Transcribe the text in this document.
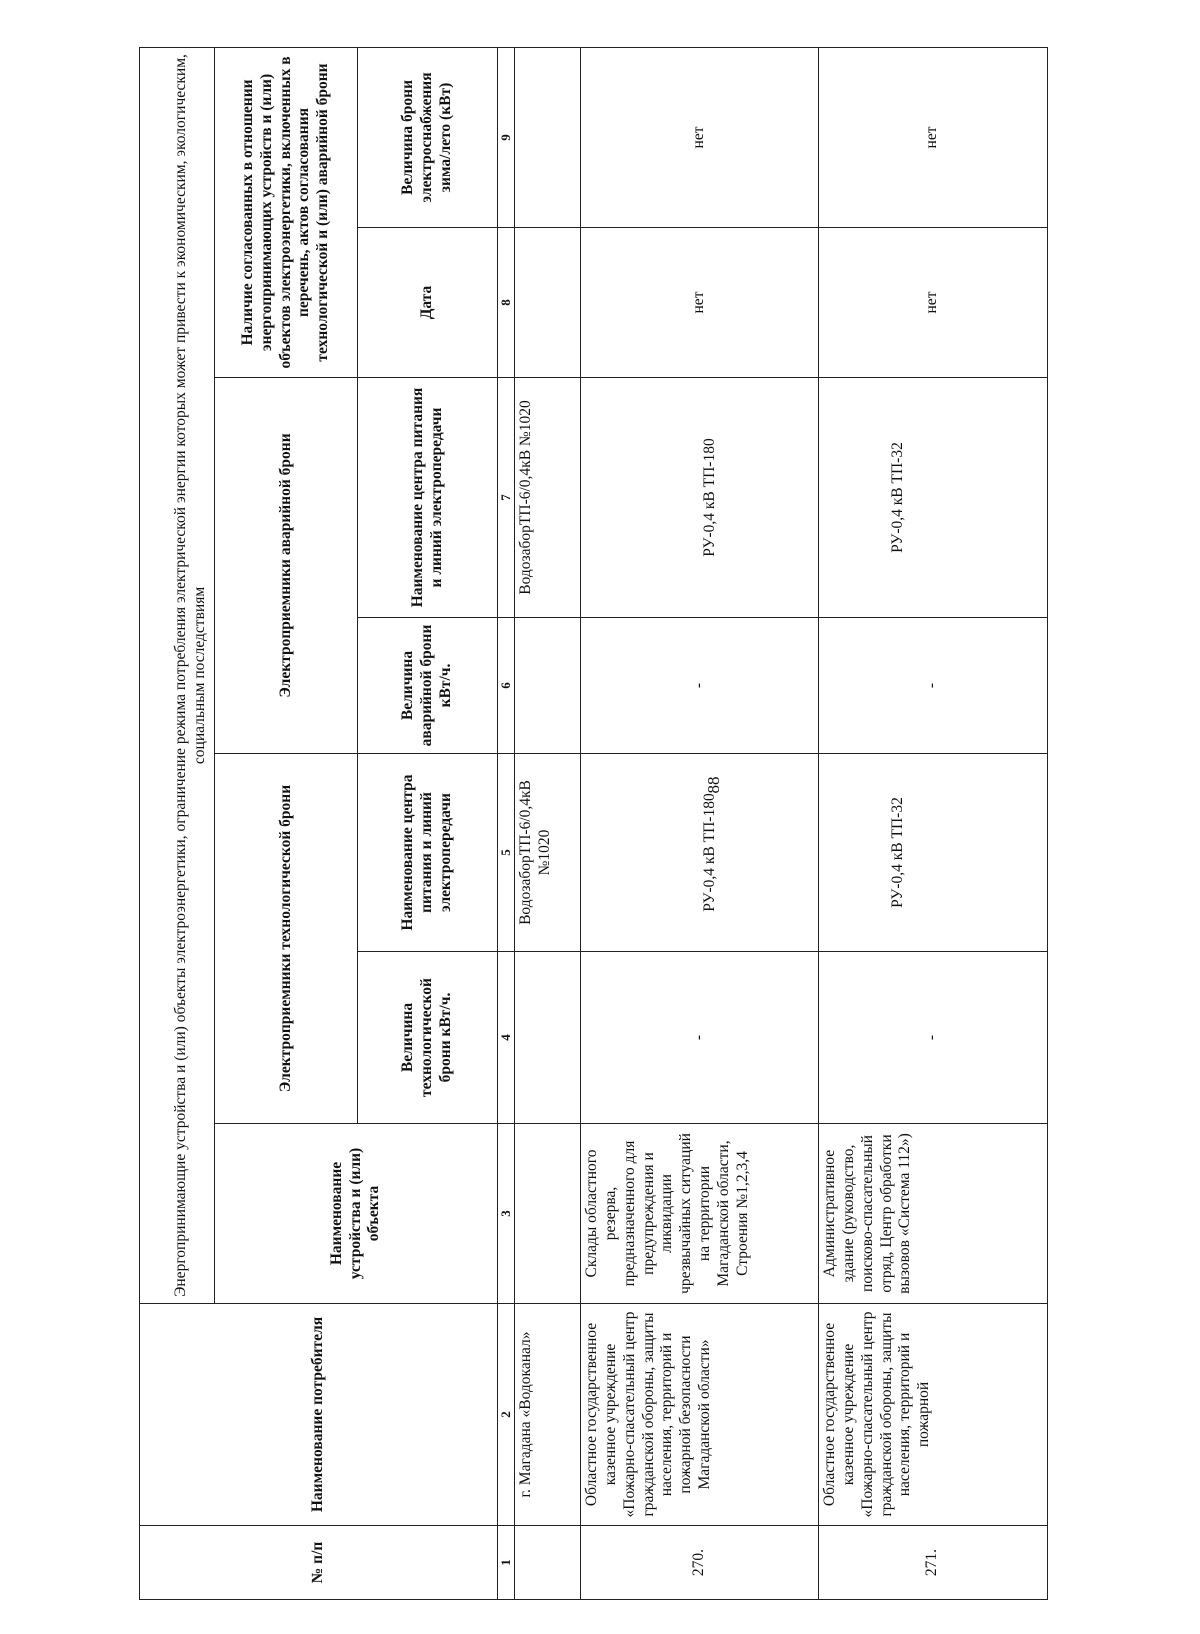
88
№ п/п	Наименование потребителя	Энергопринимающие устройства и (или) объекты электроэнергетики, ограничение режима потребления электрической энергии которых может привести к экономическим, экологическим, социальным последствиям						
		Наименование устройства и (или) объекта	Электроприемники технологической брони		Электроприемники аварийной брони		Наличие согласованных в отношении энергопринимающих устройств и (или) объектов электроэнергетики, включенных в перечень, актов согласования технологической и (или) аварийной брони	
			Величина технологической брони кВт/ч.	Наименование центра питания и линий электропередачи	Величина аварийной брони кВт/ч.	Наименование центра питания и линий электропередачи	Дата	Величина брони электроснабжения зима/лето (кВт)
1	2	3	4	5	6	7	8	9
	г. Магадана «Водоканал»			ВодозаборТП-6/0,4кВ №1020		ВодозаборТП-6/0,4кВ №1020		
270.	Областное государственное казенное учреждение «Пожарно-спасательный центр гражданской обороны, защиты населения, территорий и пожарной безопасности Магаданской области»	Склады областного резерва, предназначенного для предупреждения и ликвидации чрезвычайных ситуаций на территории Магаданской области, Строения №1,2,3,4	-	РУ-0,4 кВ ТП-180	-	РУ-0,4 кВ ТП-180	нет	нет
271.	Областное государственное казенное учреждение «Пожарно-спасательный центр гражданской обороны, защиты населения, территорий и пожарной	Административное здание (руководство, поисково-спасательный отряд, Центр обработки вызовов «Система 112»)	-	РУ-0,4 кВ ТП-32	-	РУ-0,4 кВ ТП-32	нет	нет
